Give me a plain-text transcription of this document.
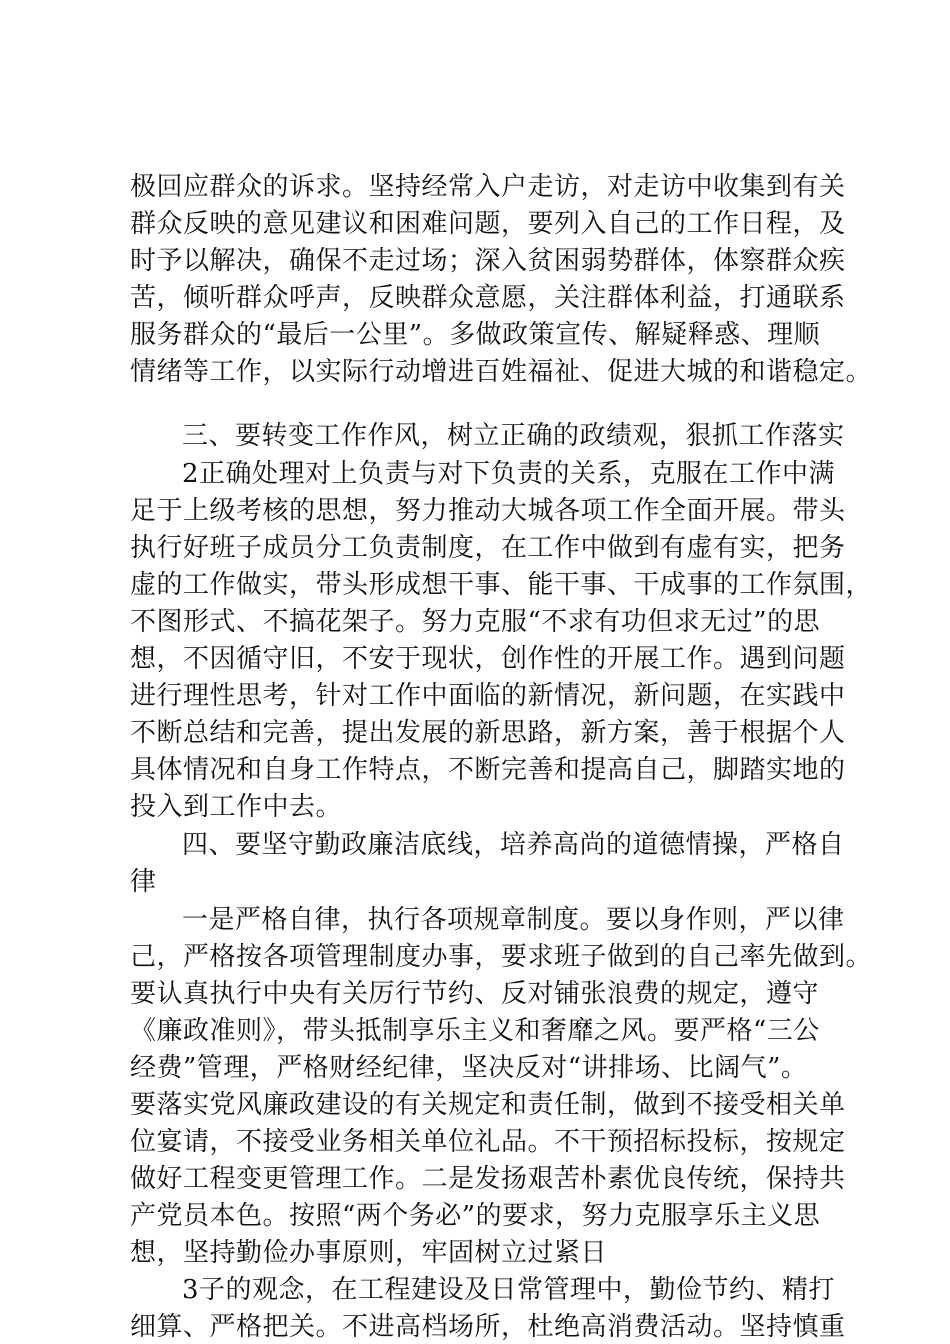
极回应群众的诉求。坚持经常入户走访，对走访中收集到有关
群众反映的意见建议和困难问题，要列入自己的工作日程，及
时予以解决，确保不走过场；深入贫困弱势群体，体察群众疾
苦，倾听群众呼声，反映群众意愿，关注群体利益，打通联系
服务群众的“最后一公里”。多做政策宣传、解疑释惑、理顺
情绪等工作，以实际行动增进百姓福祉、促进大城的和谐稳定。
三、要转变工作作风，树立正确的政绩观，狠抓工作落实
2正确处理对上负责与对下负责的关系，克服在工作中满
足于上级考核的思想，努力推动大城各项工作全面开展。带头
执行好班子成员分工负责制度，在工作中做到有虚有实，把务
虚的工作做实，带头形成想干事、能干事、干成事的工作氛围，
不图形式、不搞花架子。努力克服“不求有功但求无过”的思
想，不因循守旧，不安于现状，创作性的开展工作。遇到问题
进行理性思考，针对工作中面临的新情况，新问题，在实践中
不断总结和完善，提出发展的新思路，新方案，善于根据个人
具体情况和自身工作特点，不断完善和提高自己，脚踏实地的
投入到工作中去。
四、要坚守勤政廉洁底线，培养高尚的道德情操，严格自
律
一是严格自律，执行各项规章制度。要以身作则，严以律
己，严格按各项管理制度办事，要求班子做到的自己率先做到。
要认真执行中央有关厉行节约、反对铺张浪费的规定，遵守
《廉政准则》，带头抵制享乐主义和奢靡之风。要严格“三公
经费”管理，严格财经纪律，坚决反对“讲排场、比阔气”。
要落实党风廉政建设的有关规定和责任制，做到不接受相关单
位宴请，不接受业务相关单位礼品。不干预招标投标，按规定
做好工程变更管理工作。二是发扬艰苦朴素优良传统，保持共
产党员本色。按照“两个务必”的要求，努力克服享乐主义思
想，坚持勤俭办事原则，牢固树立过紧日
3子的观念，在工程建设及日常管理中，勤俭节约、精打
细算、严格把关。不进高档场所，杜绝高消费活动。坚持慎重
